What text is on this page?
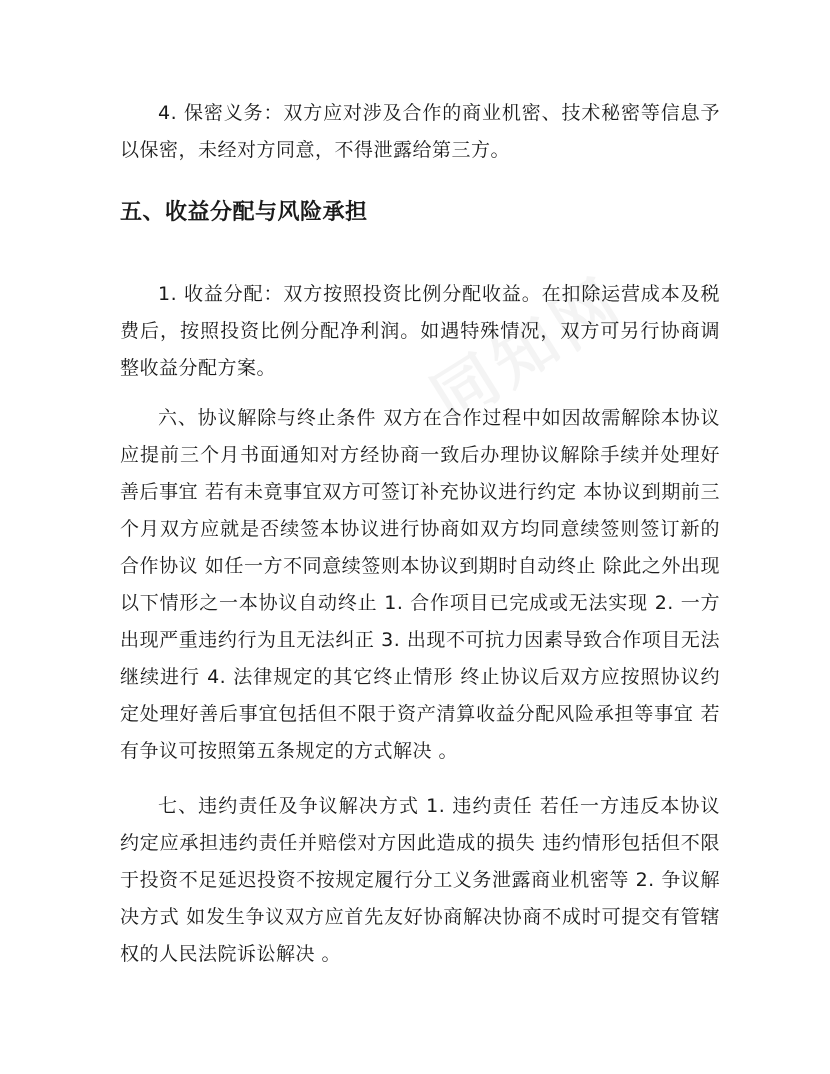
4. 保密义务：双方应对涉及合作的商业机密、技术秘密等信息予以保密，未经对方同意，不得泄露给第三方。

五、收益分配与风险承担

1. 收益分配：双方按照投资比例分配收益。在扣除运营成本及税费后，按照投资比例分配净利润。如遇特殊情况，双方可另行协商调整收益分配方案。

六、协议解除与终止条件 双方在合作过程中如因故需解除本协议应提前三个月书面通知对方经协商一致后办理协议解除手续并处理好善后事宜 若有未竟事宜双方可签订补充协议进行约定 本协议到期前三个月双方应就是否续签本协议进行协商如双方均同意续签则签订新的合作协议 如任一方不同意续签则本协议到期时自动终止 除此之外出现以下情形之一本协议自动终止 1. 合作项目已完成或无法实现 2. 一方出现严重违约行为且无法纠正 3. 出现不可抗力因素导致合作项目无法继续进行 4. 法律规定的其它终止情形 终止协议后双方应按照协议约定处理好善后事宜包括但不限于资产清算收益分配风险承担等事宜 若有争议可按照第五条规定的方式解决 。

七、违约责任及争议解决方式 1. 违约责任 若任一方违反本协议约定应承担违约责任并赔偿对方因此造成的损失 违约情形包括但不限于投资不足延迟投资不按规定履行分工义务泄露商业机密等 2. 争议解决方式 如发生争议双方应首先友好协商解决协商不成时可提交有管辖权的人民法院诉讼解决 。
